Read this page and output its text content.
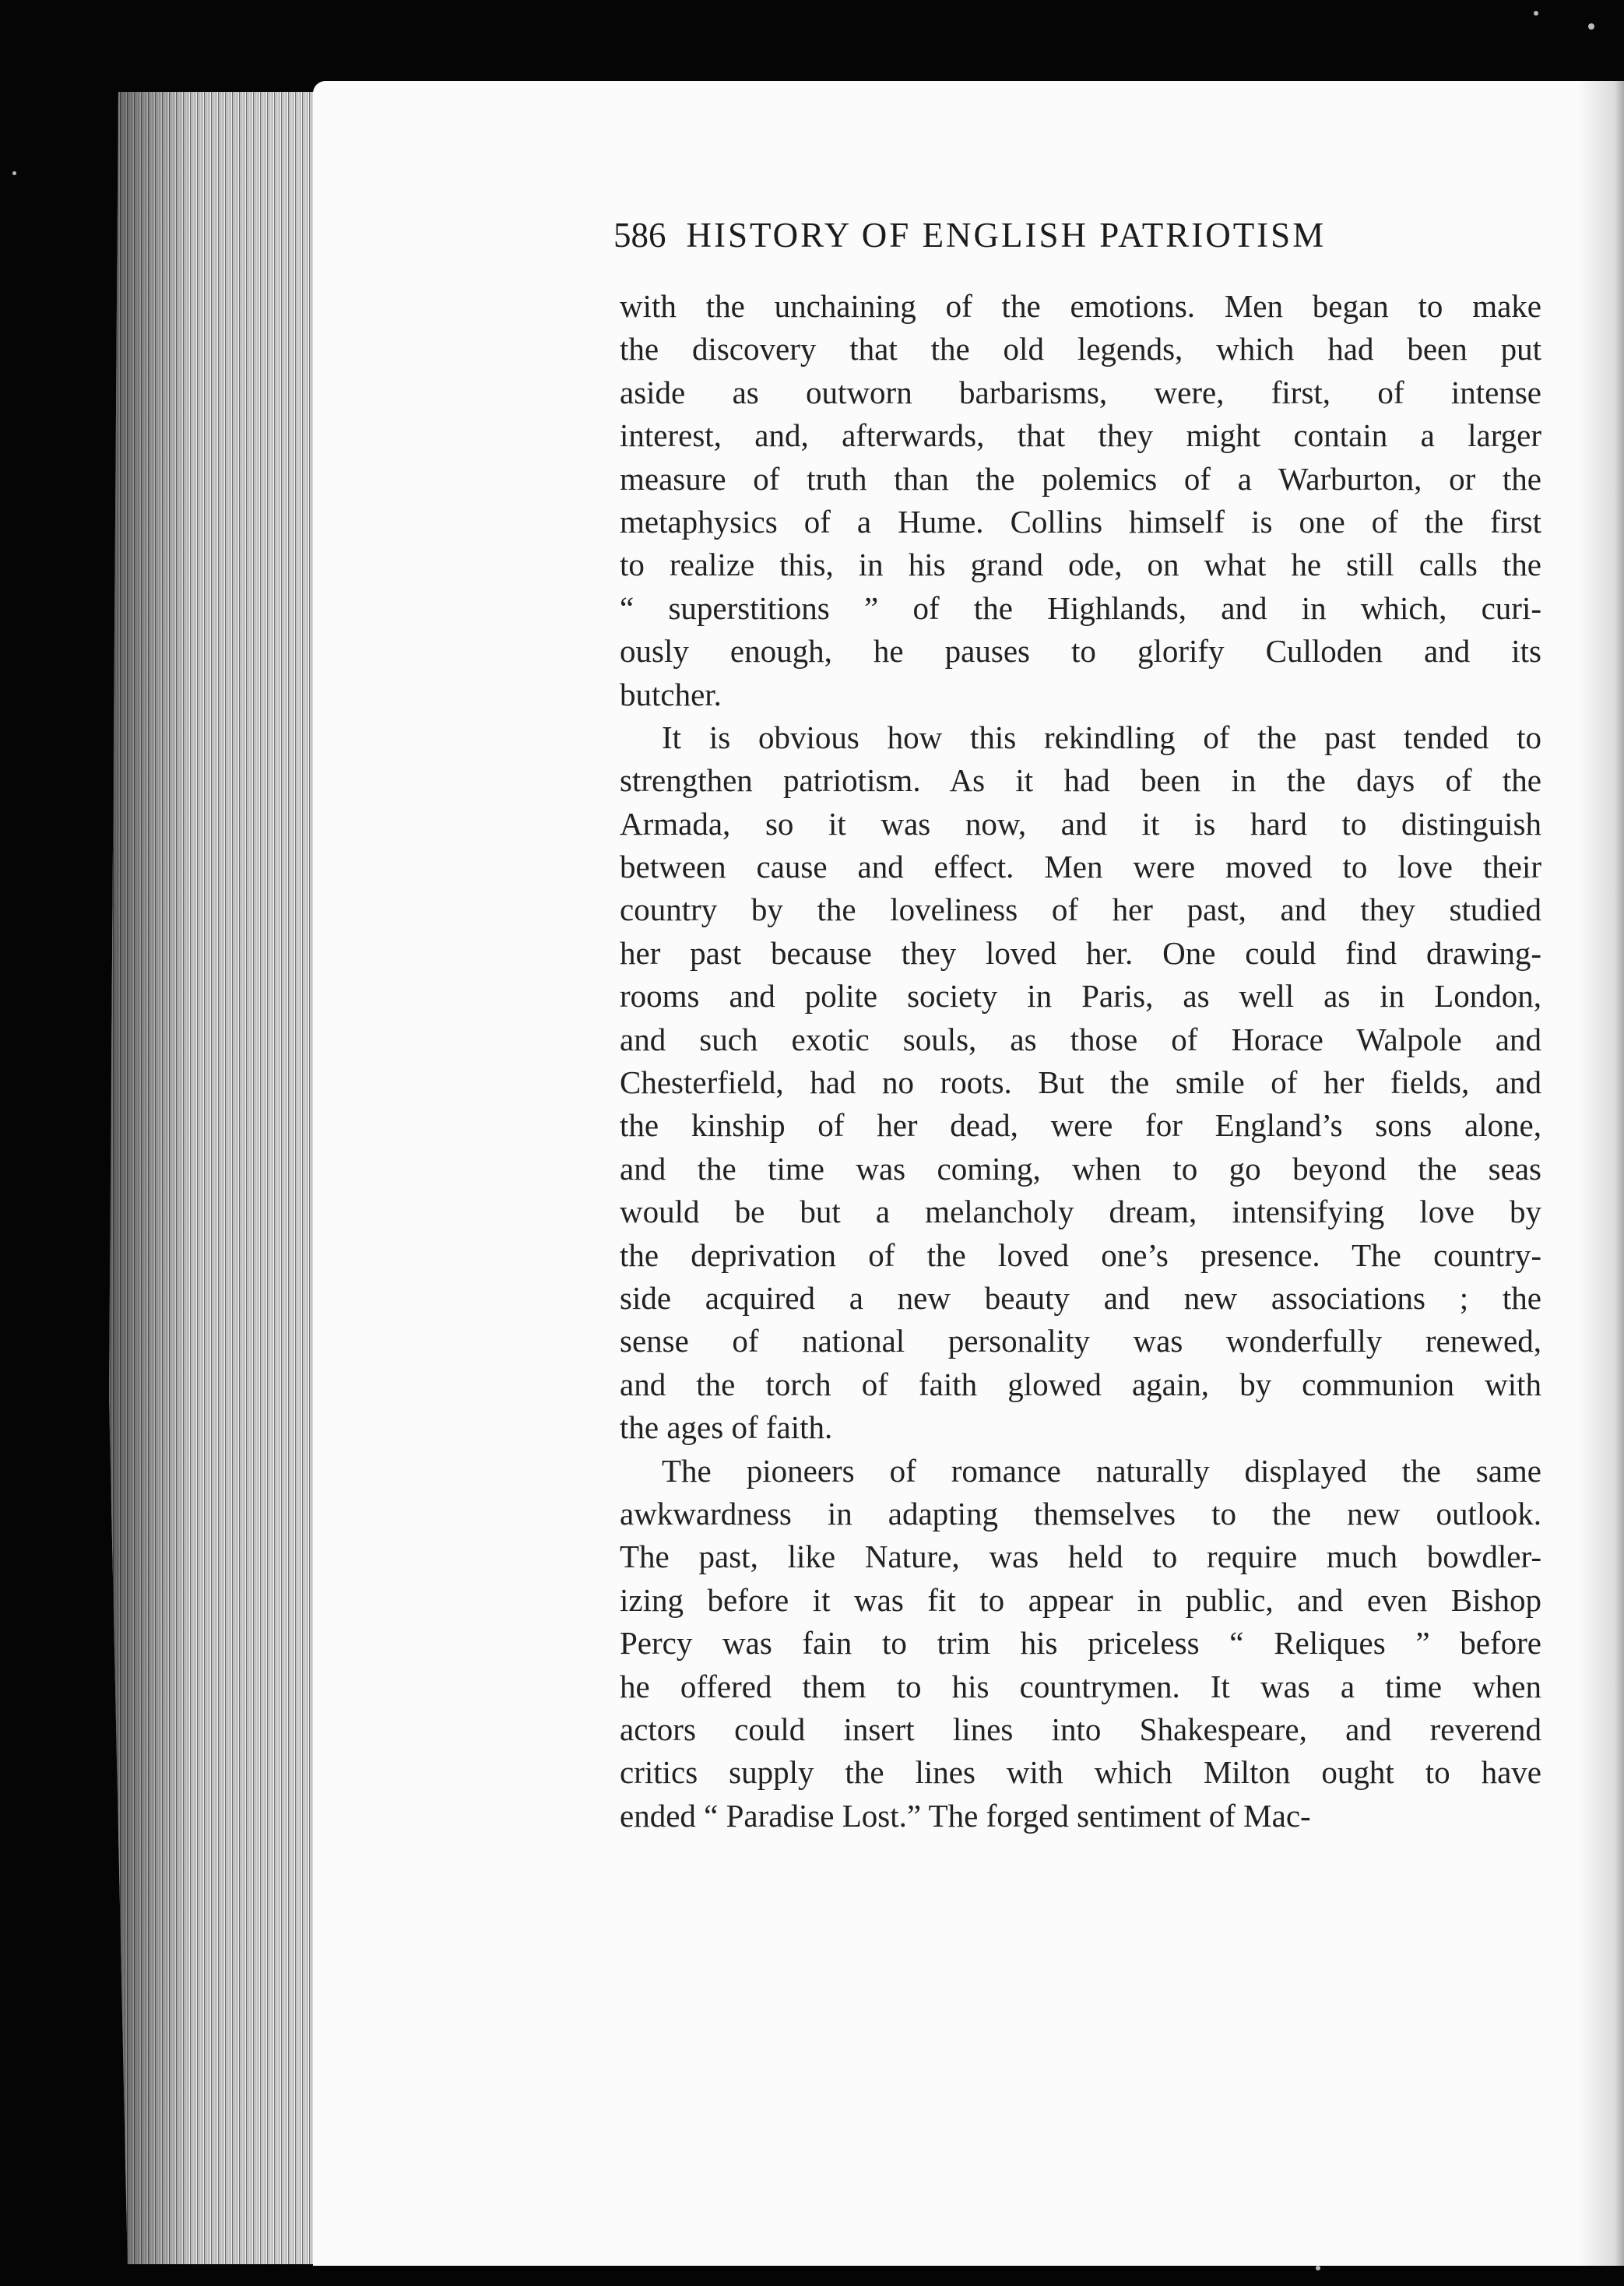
586 HISTORY OF ENGLISH PATRIOTISM

with the unchaining of the emotions. Men began to make
the discovery that the old legends, which had been put
aside as outworn barbarisms, were, first, of intense
interest, and, afterwards, that they might contain a larger
measure of truth than the polemics of a Warburton, or the
metaphysics of a Hume. Collins himself is one of the first
to realize this, in his grand ode, on what he still calls the
“ superstitions ” of the Highlands, and in which, curi-
ously enough, he pauses to glorify Culloden and its
butcher.

It is obvious how this rekindling of the past tended to
strengthen patriotism. As it had been in the days of the
Armada, so it was now, and it is hard to distinguish
between cause and effect. Men were moved to love their
country by the loveliness of her past, and they studied
her past because they loved her. One could find drawing-
rooms and polite society in Paris, as well as in London,
and such exotic souls, as those of Horace Walpole and
Chesterfield, had no roots. But the smile of her fields, and
the kinship of her dead, were for England’s sons alone,
and the time was coming, when to go beyond the seas
would be but a melancholy dream, intensifying love by
the deprivation of the loved one’s presence. The country-
side acquired a new beauty and new associations ; the
sense of national personality was wonderfully renewed,
and the torch of faith glowed again, by communion with
the ages of faith.

The pioneers of romance naturally displayed the same
awkwardness in adapting themselves to the new outlook.
The past, like Nature, was held to require much bowdler-
izing before it was fit to appear in public, and even Bishop
Percy was fain to trim his priceless “ Reliques ” before
he offered them to his countrymen. It was a time when
actors could insert lines into Shakespeare, and reverend
critics supply the lines with which Milton ought to have
ended “ Paradise Lost.” The forged sentiment of Mac-
